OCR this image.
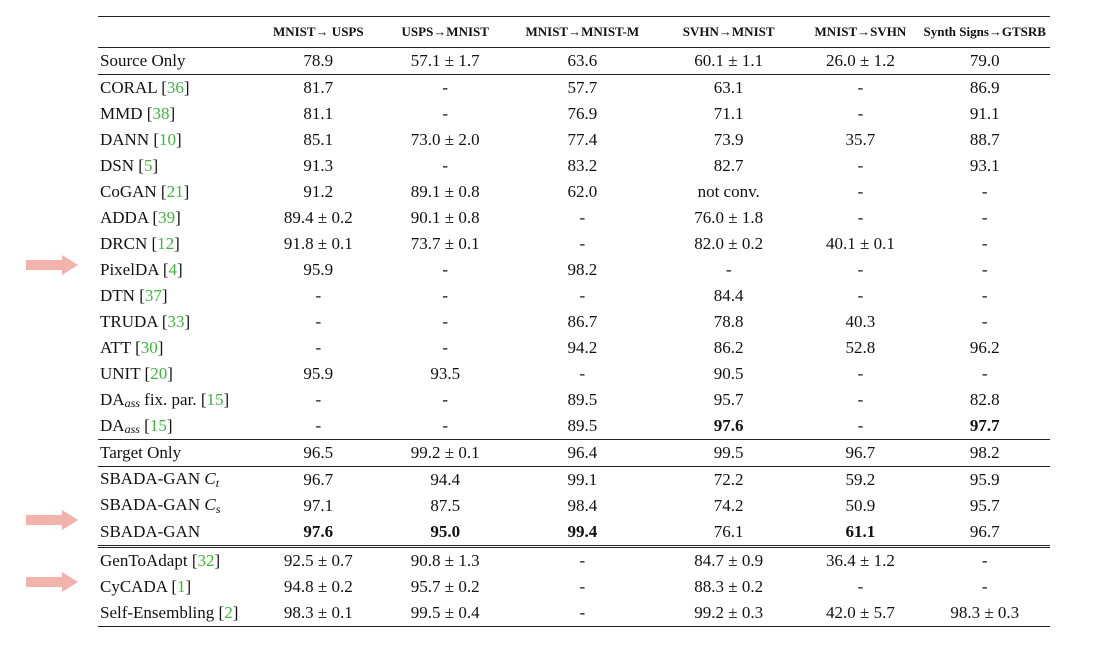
	MNIST→ USPS	USPS→MNIST	MNIST→MNIST-M	SVHN→MNIST	MNIST→SVHN	Synth Signs→GTSRB
Source Only	78.9	57.1 ± 1.7	63.6	60.1 ± 1.1	26.0 ± 1.2	79.0
CORAL [36]	81.7	-	57.7	63.1	-	86.9
MMD [38]	81.1	-	76.9	71.1	-	91.1
DANN [10]	85.1	73.0 ± 2.0	77.4	73.9	35.7	88.7
DSN [5]	91.3	-	83.2	82.7	-	93.1
CoGAN [21]	91.2	89.1 ± 0.8	62.0	not conv.	-	-
ADDA [39]	89.4 ± 0.2	90.1 ± 0.8	-	76.0 ± 1.8	-	-
DRCN [12]	91.8 ± 0.1	73.7 ± 0.1	-	82.0 ± 0.2	40.1 ± 0.1	-
PixelDA [4]	95.9	-	98.2	-	-	-
DTN [37]	-	-	-	84.4	-	-
TRUDA [33]	-	-	86.7	78.8	40.3	-
ATT [30]	-	-	94.2	86.2	52.8	96.2
UNIT [20]	95.9	93.5	-	90.5	-	-
DAass fix. par. [15]	-	-	89.5	95.7	-	82.8
DAass [15]	-	-	89.5	97.6	-	97.7
Target Only	96.5	99.2 ± 0.1	96.4	99.5	96.7	98.2
SBADA-GAN Ct	96.7	94.4	99.1	72.2	59.2	95.9
SBADA-GAN Cs	97.1	87.5	98.4	74.2	50.9	95.7
SBADA-GAN	97.6	95.0	99.4	76.1	61.1	96.7
GenToAdapt [32]	92.5 ± 0.7	90.8 ± 1.3	-	84.7 ± 0.9	36.4 ± 1.2	-
CyCADA [1]	94.8 ± 0.2	95.7 ± 0.2	-	88.3 ± 0.2	-	-
Self-Ensembling [2]	98.3 ± 0.1	99.5 ± 0.4	-	99.2 ± 0.3	42.0 ± 5.7	98.3 ± 0.3
